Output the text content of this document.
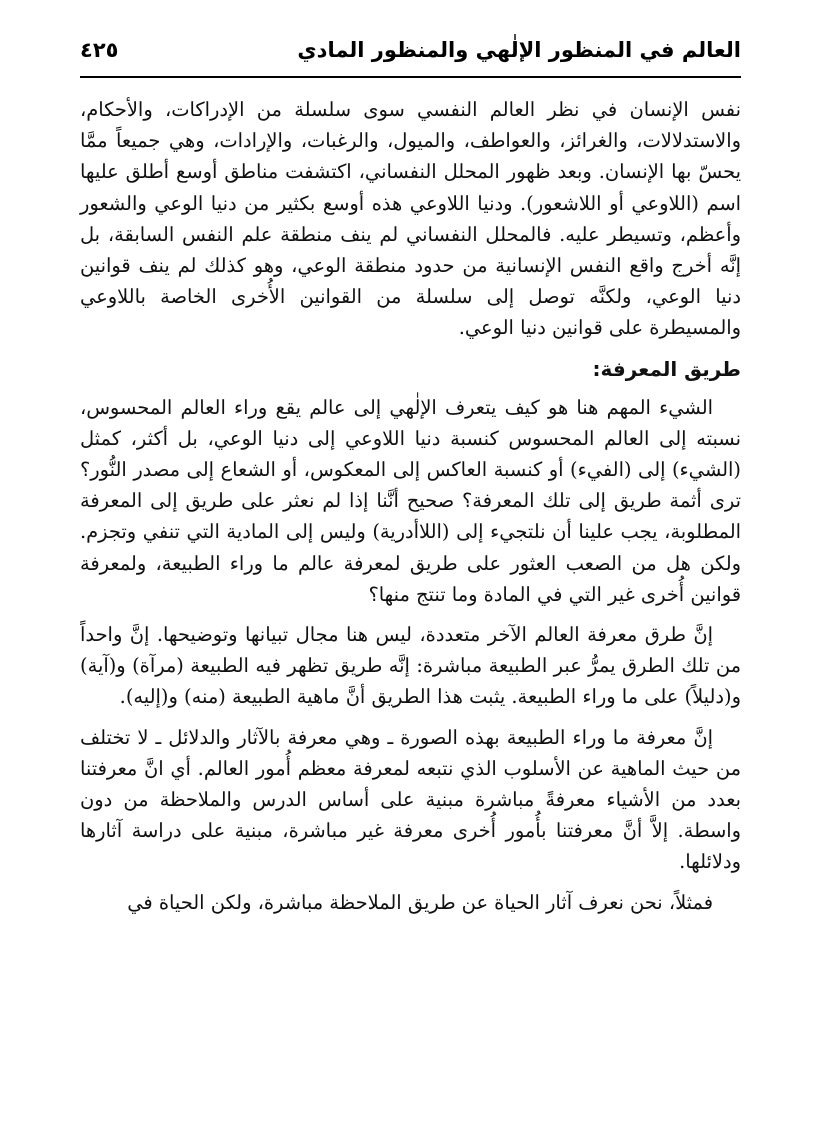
العالم في المنظور الإلٰهي والمنظور المادي
٤٢٥

نفس الإنسان في نظر العالم النفسي سوى سلسلة من الإدراكات، والأحكام، والاستدلالات، والغرائز، والعواطف، والميول، والرغبات، والإرادات، وهي جميعاً ممَّا يحسّ بها الإنسان. وبعد ظهور المحلل النفساني، اكتشفت مناطق أوسع أطلق عليها اسم (اللاوعي أو اللاشعور). ودنيا اللاوعي هذه أوسع بكثير من دنيا الوعي والشعور وأعظم، وتسيطر عليه. فالمحلل النفساني لم ينف منطقة علم النفس السابقة، بل إنَّه أخرج واقع النفس الإنسانية من حدود منطقة الوعي، وهو كذلك لم ينف قوانين دنيا الوعي، ولكنَّه توصل إلى سلسلة من القوانين الأُخرى الخاصة باللاوعي والمسيطرة على قوانين دنيا الوعي.

طريق المعرفة:

الشيء المهم هنا هو كيف يتعرف الإلٰهي إلى عالم يقع وراء العالم المحسوس، نسبته إلى العالم المحسوس كنسبة دنيا اللاوعي إلى دنيا الوعي، بل أكثر، كمثل (الشيء) إلى (الفيء) أو كنسبة العاكس إلى المعكوس، أو الشعاع إلى مصدر النُّور؟ ترى أثمة طريق إلى تلك المعرفة؟ صحيح أنَّنا إذا لم نعثر على طريق إلى المعرفة المطلوبة، يجب علينا أن نلتجيء إلى (اللاأدرية) وليس إلى المادية التي تنفي وتجزم. ولكن هل من الصعب العثور على طريق لمعرفة عالم ما وراء الطبيعة، ولمعرفة قوانين أُخرى غير التي في المادة وما تنتج منها؟

إنَّ طرق معرفة العالم الآخر متعددة، ليس هنا مجال تبيانها وتوضيحها. إنَّ واحداً من تلك الطرق يمرُّ عبر الطبيعة مباشرة: إنَّه طريق تظهر فيه الطبيعة (مرآة) و(آية) و(دليلاً) على ما وراء الطبيعة. يثبت هذا الطريق أنَّ ماهية الطبيعة (منه) و(إليه).

إنَّ معرفة ما وراء الطبيعة بهذه الصورة ـ وهي معرفة بالآثار والدلائل ـ لا تختلف من حيث الماهية عن الأسلوب الذي نتبعه لمعرفة معظم أُمور العالم. أي انَّ معرفتنا بعدد من الأشياء معرفةً مباشرة مبنية على أساس الدرس والملاحظة من دون واسطة. إلاَّ أنَّ معرفتنا بأُمور أُخرى معرفة غير مباشرة، مبنية على دراسة آثارها ودلائلها.

فمثلاً، نحن نعرف آثار الحياة عن طريق الملاحظة مباشرة، ولكن الحياة في
